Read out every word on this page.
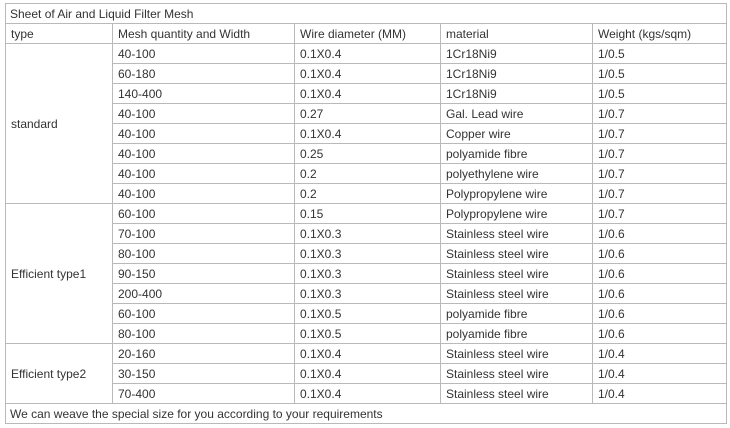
Sheet of Air and Liquid Filter Mesh				
type	Mesh quantity and Width	Wire diameter (MM)	material	Weight (kgs/sqm)
standard	40-100	0.1X0.4	1Cr18Ni9	1/0.5
	60-180	0.1X0.4	1Cr18Ni9	1/0.5
	140-400	0.1X0.4	1Cr18Ni9	1/0.5
	40-100	0.27	Gal. Lead wire	1/0.7
	40-100	0.1X0.4	Copper wire	1/0.7
	40-100	0.25	polyamide fibre	1/0.7
	40-100	0.2	polyethylene wire	1/0.7
	40-100	0.2	Polypropylene wire	1/0.7
Efficient type1	60-100	0.15	Polypropylene wire	1/0.7
	70-100	0.1X0.3	Stainless steel wire	1/0.6
	80-100	0.1X0.3	Stainless steel wire	1/0.6
	90-150	0.1X0.3	Stainless steel wire	1/0.6
	200-400	0.1X0.3	Stainless steel wire	1/0.6
	60-100	0.1X0.5	polyamide fibre	1/0.6
	80-100	0.1X0.5	polyamide fibre	1/0.6
Efficient type2	20-160	0.1X0.4	Stainless steel wire	1/0.4
	30-150	0.1X0.4	Stainless steel wire	1/0.4
	70-400	0.1X0.4	Stainless steel wire	1/0.4
We can weave the special size for you according to your requirements				
